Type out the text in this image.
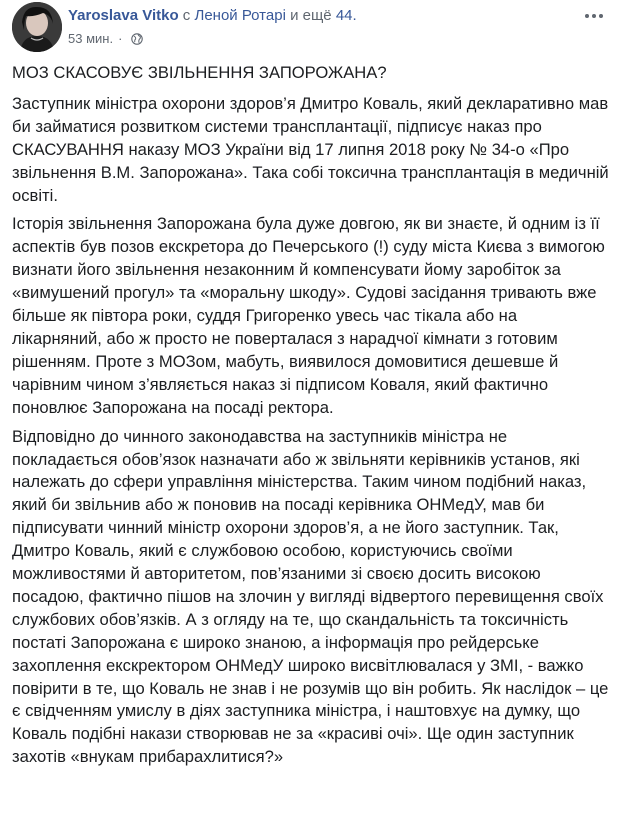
Yaroslava Vitko с Леной Ротарі и ещё 44.
53 мин. ·

МОЗ СКАСОВУЄ ЗВІЛЬНЕННЯ ЗАПОРОЖАНА?

Заступник міністра охорони здоров’я Дмитро Коваль, який декларативно мав би займатися розвитком системи трансплантації, підписує наказ про СКАСУВАННЯ наказу МОЗ України від 17 липня 2018 року № 34-о «Про звільнення В.М. Запорожана». Така собі токсична трансплантація в медичній освіті.

Історія звільнення Запорожана була дуже довгою, як ви знаєте, й одним із її аспектів був позов екскретора до Печерського (!) суду міста Києва з вимогою визнати його звільнення незаконним й компенсувати йому заробіток за «вимушений прогул» та «моральну шкоду». Судові засідання тривають вже більше як півтора роки, суддя Григоренко увесь час тікала або на лікарняний, або ж просто не поверталася з нарадчої кімнати з готовим рішенням. Проте з МОЗом, мабуть, виявилося домовитися дешевше й чарівним чином з’являється наказ зі підписом Коваля, який фактично поновлює Запорожана на посаді ректора.

Відповідно до чинного законодавства на заступників міністра не покладається обов’язок назначати або ж звільняти керівників установ, які належать до сфери управління міністерства. Таким чином подібний наказ, який би звільнив або ж поновив на посаді керівника ОНМедУ, мав би підписувати чинний міністр охорони здоров’я, а не його заступник. Так, Дмитро Коваль, який є службовою особою, користуючись своїми можливостями й авторитетом, пов’язаними зі своєю досить високою посадою, фактично пішов на злочин у вигляді відвертого перевищення своїх службових обов’язків. А з огляду на те, що скандальність та токсичність постаті Запорожана є широко знаною, а інформація про рейдерське захоплення екскректором ОНМедУ широко висвітлювалася у ЗМІ, - важко повірити в те, що Коваль не знав і не розумів що він робить. Як наслідок – це є свідченням умислу в діях заступника міністра, і наштовхує на думку, що Коваль подібні накази створював не за «красиві очі». Ще один заступник захотів «внукам прибарахлитися?»
